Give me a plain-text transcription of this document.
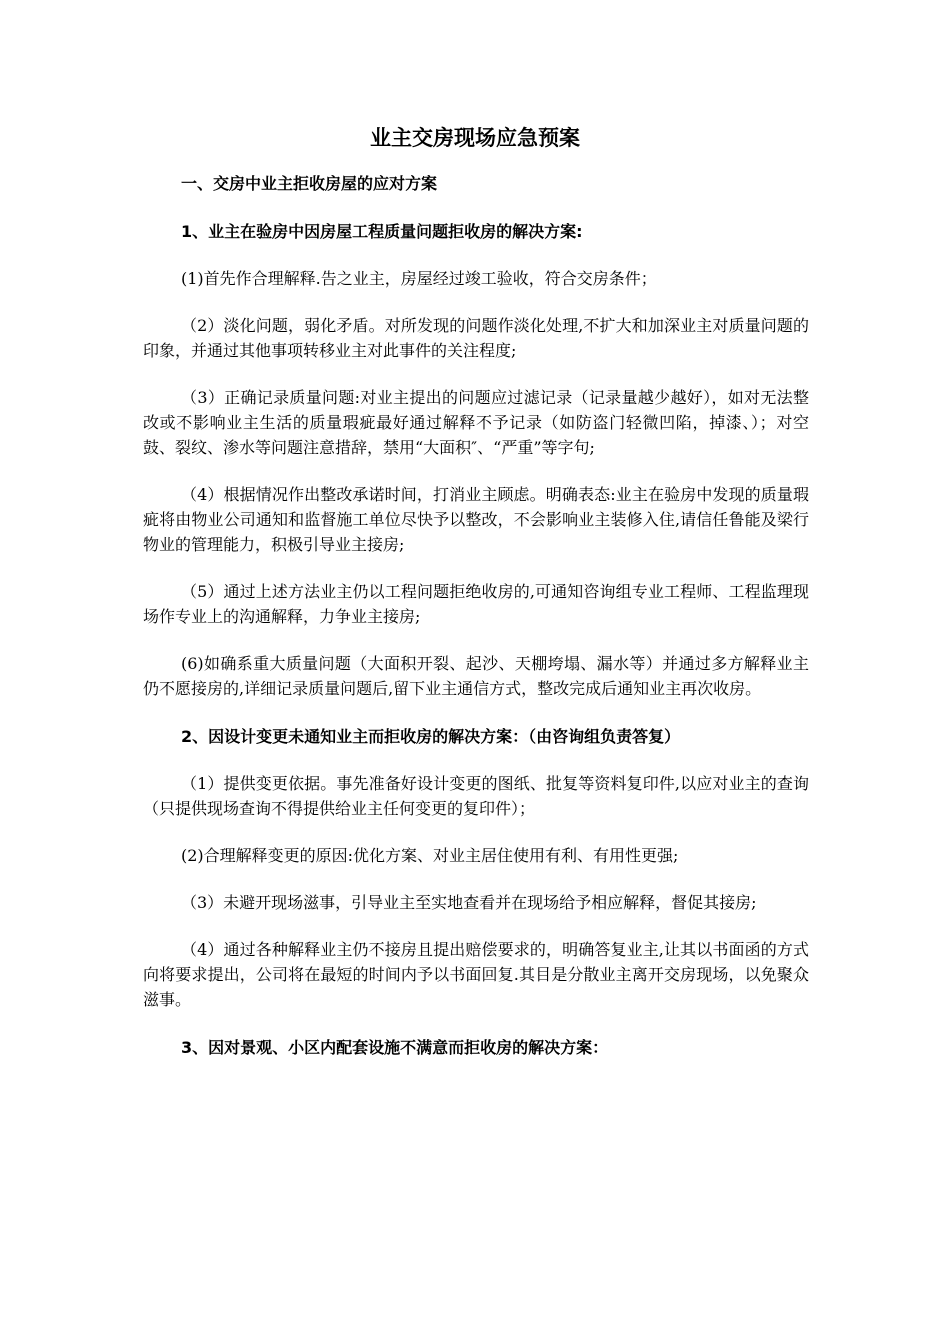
业主交房现场应急预案
一、交房中业主拒收房屋的应对方案
1、业主在验房中因房屋工程质量问题拒收房的解决方案:

(1)首先作合理解释.告之业主，房屋经过竣工验收，符合交房条件；

（2）淡化问题，弱化矛盾。对所发现的问题作淡化处理,不扩大和加深业主对质量问题的印象，并通过其他事项转移业主对此事件的关注程度;

（3）正确记录质量问题:对业主提出的问题应过滤记录（记录量越少越好），如对无法整改或不影响业主生活的质量瑕疵最好通过解释不予记录（如防盗门轻微凹陷，掉漆、）；对空鼓、裂纹、渗水等问题注意措辞，禁用“大面积″、“严重”等字句;

（4）根据情况作出整改承诺时间，打消业主顾虑。明确表态:业主在验房中发现的质量瑕疵将由物业公司通知和监督施工单位尽快予以整改，不会影响业主装修入住,请信任鲁能及梁行物业的管理能力，积极引导业主接房;

（5）通过上述方法业主仍以工程问题拒绝收房的,可通知咨询组专业工程师、工程监理现场作专业上的沟通解释，力争业主接房;

(6)如确系重大质量问题（大面积开裂、起沙、天棚垮塌、漏水等）并通过多方解释业主仍不愿接房的,详细记录质量问题后,留下业主通信方式，整改完成后通知业主再次收房。

2、因设计变更未通知业主而拒收房的解决方案：（由咨询组负责答复）

（1）提供变更依据。事先准备好设计变更的图纸、批复等资料复印件,以应对业主的查询（只提供现场查询不得提供给业主任何变更的复印件）；

(2)合理解释变更的原因:优化方案、对业主居住使用有利、有用性更强;

（3）未避开现场滋事，引导业主至实地查看并在现场给予相应解释，督促其接房;

（4）通过各种解释业主仍不接房且提出赔偿要求的，明确答复业主,让其以书面函的方式向将要求提出，公司将在最短的时间内予以书面回复.其目是分散业主离开交房现场，以免聚众滋事。

3、因对景观、小区内配套设施不满意而拒收房的解决方案：
